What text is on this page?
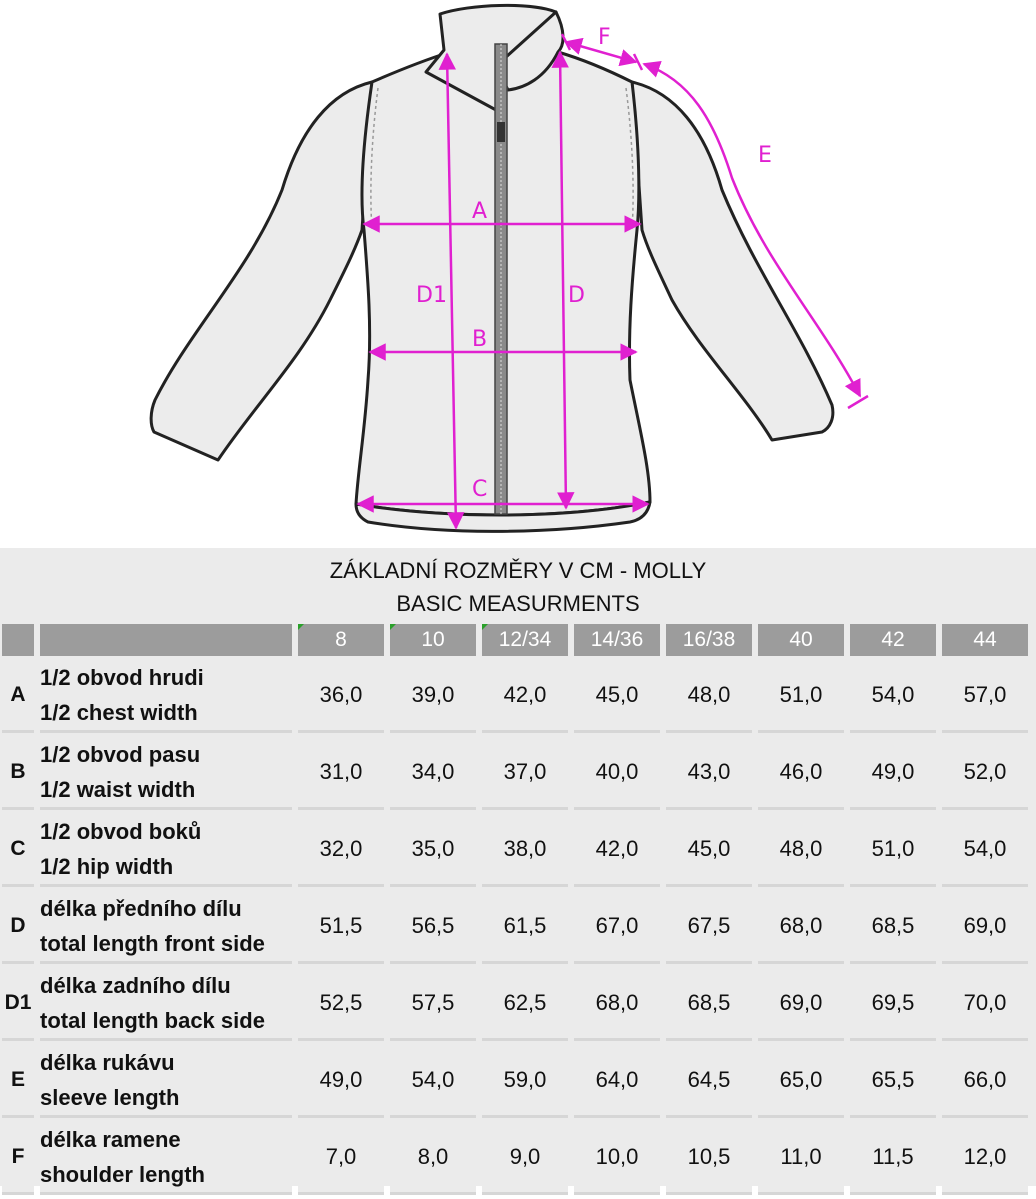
A
B
C
D
D1
E
F
ZÁKLADNÍ ROZMĚRY V CM - MOLLY
BASIC MEASURMENTS

8	10	12/34	14/36	16/38	40	42	44
A	1/2 obvod hrudi
1/2 chest width	36,0	39,0	42,0	45,0	48,0	51,0	54,0	57,0
B	1/2 obvod pasu
1/2 waist width	31,0	34,0	37,0	40,0	43,0	46,0	49,0	52,0
C	1/2 obvod boků
1/2 hip width	32,0	35,0	38,0	42,0	45,0	48,0	51,0	54,0
D	délka předního dílu
total length front side	51,5	56,5	61,5	67,0	67,5	68,0	68,5	69,0
D1	délka zadního dílu
total length back side	52,5	57,5	62,5	68,0	68,5	69,0	69,5	70,0
E	délka rukávu
sleeve length	49,0	54,0	59,0	64,0	64,5	65,0	65,5	66,0
F	délka ramene
shoulder length	7,0	8,0	9,0	10,0	10,5	11,0	11,5	12,0
